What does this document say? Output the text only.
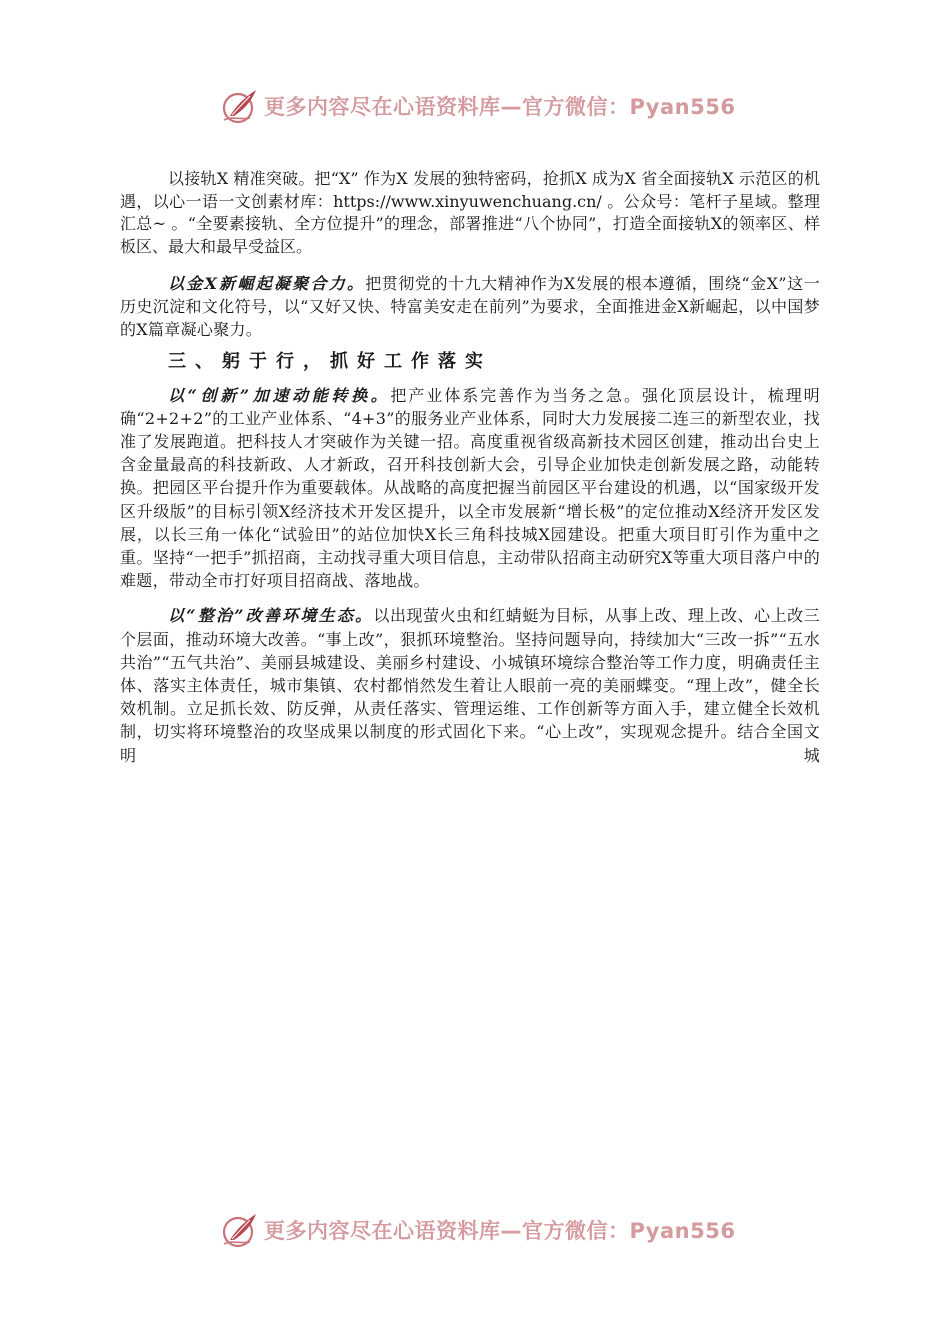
更多内容尽在心语资料库—官方微信：Pyan556

以接轨X 精准突破。把“X” 作为X 发展的独特密码，抢抓X 成为X 省全面接轨X 示范区的机遇，以心一语一文创素材库：https://www.xinyuwenchuang.cn/ 。公众号：笔杆子星域。整理汇总~ 。“全要素接轨、全方位提升”的理念，部署推进“八个协同”，打造全面接轨X的领率区、样板区、最大和最早受益区。

以金X新崛起凝聚合力。把贯彻党的十九大精神作为X发展的根本遵循，围绕“金X”这一历史沉淀和文化符号，以“又好又快、特富美安走在前列”为要求，全面推进金X新崛起，以中国梦的X篇章凝心聚力。

三、躬于行，抓好工作落实

以“创新”加速动能转换。把产业体系完善作为当务之急。强化顶层设计，梳理明确“2+2+2”的工业产业体系、“4+3”的服务业产业体系，同时大力发展接二连三的新型农业，找准了发展跑道。把科技人才突破作为关键一招。高度重视省级高新技术园区创建，推动出台史上含金量最高的科技新政、人才新政，召开科技创新大会，引导企业加快走创新发展之路，动能转换。把园区平台提升作为重要载体。从战略的高度把握当前园区平台建设的机遇，以“国家级开发区升级版”的目标引领X经济技术开发区提升，以全市发展新“增长极”的定位推动X经济开发区发展，以长三角一体化“试验田”的站位加快X长三角科技城X园建设。把重大项目盯引作为重中之重。坚持“一把手”抓招商，主动找寻重大项目信息，主动带队招商主动研究X等重大项目落户中的难题，带动全市打好项目招商战、落地战。

以“整治”改善环境生态。以出现萤火虫和红蜻蜓为目标，从事上改、理上改、心上改三个层面，推动环境大改善。“事上改”，狠抓环境整治。坚持问题导向，持续加大“三改一拆”“五水共治”“五气共治”、美丽县城建设、美丽乡村建设、小城镇环境综合整治等工作力度，明确责任主体、落实主体责任，城市集镇、农村都悄然发生着让人眼前一亮的美丽蝶变。“理上改”，健全长效机制。立足抓长效、防反弹，从责任落实、管理运维、工作创新等方面入手，建立健全长效机制，切实将环境整治的攻坚成果以制度的形式固化下来。“心上改”，实现观念提升。结合全国文明城

更多内容尽在心语资料库—官方微信：Pyan556
